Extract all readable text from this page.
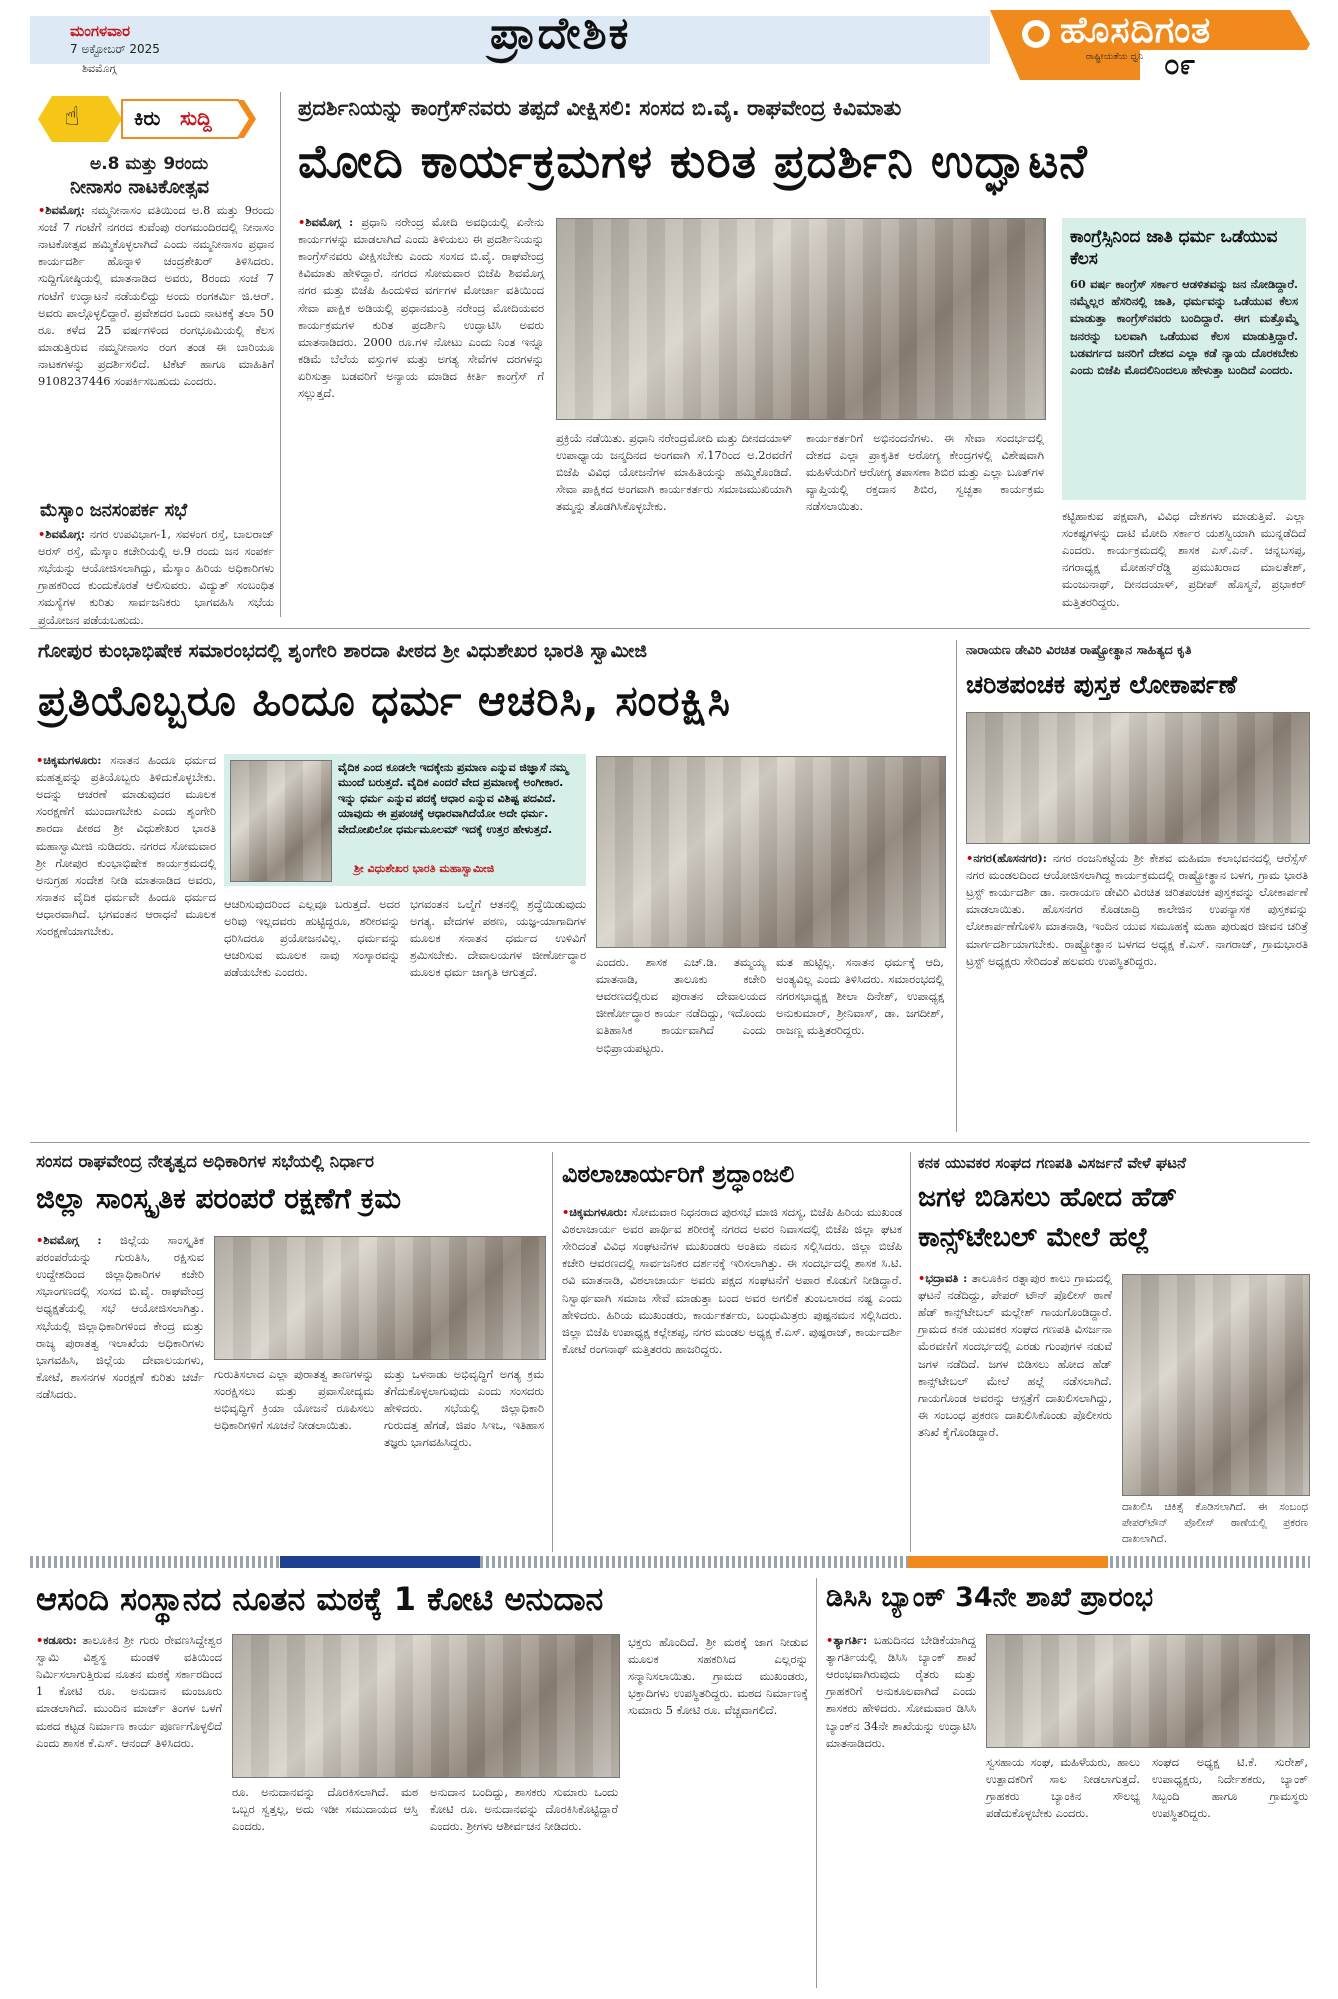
ಮಂಗಳವಾರ
7 ಅಕ್ಟೋಬರ್ 2025
ಶಿವಮೊಗ್ಗ
ಪ್ರಾದೇಶಿಕ	ಹೊಸದಿಗಂತ
ರಾಷ್ಟ್ರೀಯತೆಯ ಧ್ವನಿ ೦೯
☝	ಕಿರು ಸುದ್ದಿ
ಅ.8 ಮತ್ತು 9ರಂದು
ನೀನಾಸಂ ನಾಟಕೋತ್ಸವ
•ಶಿವಮೊಗ್ಗ: ನಮ್ಮನೀನಾಸಂ ವತಿಯಿಂದ ಅ.8 ಮತ್ತು 9ರಂದು ಸಂಜೆ 7 ಗಂಟೆಗೆ ನಗರದ ಕುವೆಂಪು ರಂಗಮಂದಿರದಲ್ಲಿ ನೀನಾಸಂ ನಾಟಕೋತ್ಸವ ಹಮ್ಮಿಕೊಳ್ಳಲಾಗಿದೆ ಎಂದು ನಮ್ಮನೀನಾಸಂ ಪ್ರಧಾನ ಕಾರ್ಯದರ್ಶಿ ಹೊನ್ನಾಳಿ ಚಂದ್ರಶೇಖರ್ ತಿಳಿಸಿದರು. ಸುದ್ದಿಗೋಷ್ಠಿಯಲ್ಲಿ ಮಾತನಾಡಿದ ಅವರು, 8ರಂದು ಸಂಜೆ 7 ಗಂಟೆಗೆ ಉದ್ಘಾಟನೆ ನಡೆಯಲಿದ್ದು ಅಂದು ರಂಗಕರ್ಮಿ ಜಿ.ಆರ್. ಅವರು ಪಾಲ್ಗೊಳ್ಳಲಿದ್ದಾರೆ. ಪ್ರವೇಶದರ ಒಂದು ನಾಟಕಕ್ಕೆ ತಲಾ 50 ರೂ. ಕಳೆದ 25 ವರ್ಷಗಳಿಂದ ರಂಗಭೂಮಿಯಲ್ಲಿ ಕೆಲಸ ಮಾಡುತ್ತಿರುವ ನಮ್ಮನೀನಾಸಂ ರಂಗ ತಂಡ ಈ ಬಾರಿಯೂ ನಾಟಕಗಳನ್ನು ಪ್ರದರ್ಶಿಸಲಿದೆ. ಟಿಕೆಟ್ ಹಾಗೂ ಮಾಹಿತಿಗೆ 9108237446 ಸಂಪರ್ಕಿಸಬಹುದು ಎಂದರು.
ಮೆಸ್ಕಾಂ ಜನಸಂಪರ್ಕ ಸಭೆ
•ಶಿವಮೊಗ್ಗ: ನಗರ ಉಪವಿಭಾಗ-1, ಸವಳಂಗ ರಸ್ತೆ, ಬಾಲರಾಜ್ ಅರಸ್ ರಸ್ತೆ, ಮೆಸ್ಕಾಂ ಕಚೇರಿಯಲ್ಲಿ ಅ.9 ರಂದು ಜನ ಸಂಪರ್ಕ ಸಭೆಯನ್ನು ಆಯೋಜಿಸಲಾಗಿದ್ದು, ಮೆಸ್ಕಾಂ ಹಿರಿಯ ಅಧಿಕಾರಿಗಳು ಗ್ರಾಹಕರಿಂದ ಕುಂದುಕೊರತೆ ಆಲಿಸುವರು. ವಿದ್ಯುತ್ ಸಂಬಂಧಿತ ಸಮಸ್ಯೆಗಳ ಕುರಿತು ಸಾರ್ವಜನಿಕರು ಭಾಗವಹಿಸಿ ಸಭೆಯ ಪ್ರಯೋಜನ ಪಡೆಯಬಹುದು.
ಪ್ರದರ್ಶಿನಿಯನ್ನು ಕಾಂಗ್ರೆಸ್‌ನವರು ತಪ್ಪದೆ ವೀಕ್ಷಿಸಲಿ: ಸಂಸದ ಬಿ.ವೈ. ರಾಘವೇಂದ್ರ ಕಿವಿಮಾತು
ಮೋದಿ ಕಾರ್ಯಕ್ರಮಗಳ ಕುರಿತ ಪ್ರದರ್ಶಿನಿ ಉದ್ಘಾಟನೆ
•ಶಿವಮೊಗ್ಗ : ಪ್ರಧಾನಿ ನರೇಂದ್ರ ಮೋದಿ ಅವಧಿಯಲ್ಲಿ ಏನೇನು ಕಾರ್ಯಗಳನ್ನು ಮಾಡಲಾಗಿದೆ ಎಂದು ತಿಳಿಯಲು ಈ ಪ್ರದರ್ಶಿನಿಯನ್ನು ಕಾಂಗ್ರೆಸ್‌ನವರು ವೀಕ್ಷಿಸಬೇಕು ಎಂದು ಸಂಸದ ಬಿ.ವೈ. ರಾಘವೇಂದ್ರ ಕಿವಿಮಾತು ಹೇಳಿದ್ದಾರೆ. ನಗರದ ಸೋಮವಾರ ಬಿಜೆಪಿ ಶಿವಮೊಗ್ಗ ನಗರ ಮತ್ತು ಬಿಜೆಪಿ ಹಿಂದುಳಿದ ವರ್ಗಗಳ ಮೋರ್ಚಾ ವತಿಯಿಂದ ಸೇವಾ ಪಾಕ್ಷಿಕ ಅಡಿಯಲ್ಲಿ ಪ್ರಧಾನಮಂತ್ರಿ ನರೇಂದ್ರ ಮೋದಿಯವರ ಕಾರ್ಯಕ್ರಮಗಳ ಕುರಿತ ಪ್ರದರ್ಶಿನಿ ಉದ್ಘಾಟಿಸಿ ಅವರು ಮಾತನಾಡಿದರು. 2000 ರೂ.ಗಳ ನೋಟು ಎಂದು ನಿಂತ ಇನ್ನೂ ಕಡಿಮೆ ಬೆಲೆಯ ವಸ್ತುಗಳ ಮತ್ತು ಅಗತ್ಯ ಸೇವೆಗಳ ದರಗಳನ್ನು ಏರಿಸುತ್ತಾ ಬಡವರಿಗೆ ಅನ್ಯಾಯ ಮಾಡಿದ ಕೀರ್ತಿ ಕಾಂಗ್ರೆಸ್ ಗೆ ಸಲ್ಲುತ್ತದೆ.
ಪ್ರಕ್ರಿಯೆ ನಡೆಯಿತು. ಪ್ರಧಾನಿ ನರೇಂದ್ರಮೋದಿ ಮತ್ತು ದೀನದಯಾಳ್ ಉಪಾಧ್ಯಾಯ ಜನ್ಮದಿನದ ಅಂಗವಾಗಿ ಸೆ.17ರಿಂದ ಅ.2ರವರೆಗೆ ಬಿಜೆಪಿ ವಿವಿಧ ಯೋಜನೆಗಳ ಮಾಹಿತಿಯನ್ನು ಹಮ್ಮಿಕೊಂಡಿದೆ. ಸೇವಾ ಪಾಕ್ಷಿಕದ ಅಂಗವಾಗಿ ಕಾರ್ಯಕರ್ತರು ಸಮಾಜಮುಖಿಯಾಗಿ ತಮ್ಮನ್ನು ತೊಡಗಿಸಿಕೊಳ್ಳಬೇಕು.
ಕಾರ್ಯಕರ್ತರಿಗೆ ಅಭಿನಂದನೆಗಳು. ಈ ಸೇವಾ ಸಂದರ್ಭದಲ್ಲಿ ದೇಶದ ಎಲ್ಲಾ ಪ್ರಾಕೃತಿಕ ಅರೋಗ್ಯ ಕೇಂದ್ರಗಳಲ್ಲಿ ವಿಶೇಷವಾಗಿ ಮಹಿಳೆಯರಿಗೆ ಆರೋಗ್ಯ ತಪಾಸಣಾ ಶಿಬಿರ ಮತ್ತು ಎಲ್ಲಾ ಬೂತ್‌ಗಳ ವ್ಯಾಪ್ತಿಯಲ್ಲಿ ರಕ್ತದಾನ ಶಿಬಿರ, ಸ್ವಚ್ಛತಾ ಕಾರ್ಯಕ್ರಮ ನಡೆಸಲಾಯಿತು.
ಕಾಂಗ್ರೆಸ್ಸಿನಿಂದ ಜಾತಿ ಧರ್ಮ ಒಡೆಯುವ ಕೆಲಸ
60 ವರ್ಷ ಕಾಂಗ್ರೆಸ್ ಸರ್ಕಾರ ಆಡಳಿತವನ್ನು ಜನ ನೋಡಿದ್ದಾರೆ. ನಮ್ಮೆಲ್ಲರ ಹೆಸರಿನಲ್ಲಿ ಜಾತಿ, ಧರ್ಮವನ್ನು ಒಡೆಯುವ ಕೆಲಸ ಮಾಡುತ್ತಾ ಕಾಂಗ್ರೆಸ್‌ನವರು ಬಂದಿದ್ದಾರೆ. ಈಗ ಮತ್ತೊಮ್ಮೆ ಜನರನ್ನು ಬಲವಾಗಿ ಒಡೆಯುವ ಕೆಲಸ ಮಾಡುತ್ತಿದ್ದಾರೆ. ಬಡವರ್ಗದ ಜನರಿಗೆ ದೇಶದ ಎಲ್ಲಾ ಕಡೆ ನ್ಯಾಯ ದೊರಕಬೇಕು ಎಂದು ಬಿಜೆಪಿ ಮೊದಲಿನಿಂದಲೂ ಹೇಳುತ್ತಾ ಬಂದಿದೆ ಎಂದರು.
ಕಟ್ಟಿಹಾಕುವ ಪಕ್ಷವಾಗಿ, ವಿವಿಧ ದೇಶಗಳು ಮಾಡುತ್ತಿವೆ. ಎಲ್ಲಾ ಸಂಕಷ್ಟಗಳನ್ನು ದಾಟಿ ಮೋದಿ ಸರ್ಕಾರ ಯಶಸ್ವಿಯಾಗಿ ಮುನ್ನಡೆದಿದೆ ಎಂದರು. ಕಾರ್ಯಕ್ರಮದಲ್ಲಿ ಶಾಸಕ ಎಸ್.ಎನ್. ಚನ್ನಬಸಪ್ಪ, ನಗರಾಧ್ಯಕ್ಷ ಮೋಹನ್‌ರೆಡ್ಡಿ ಪ್ರಮುಖರಾದ ಮಾಲತೇಶ್, ಮಂಜುನಾಥ್, ದೀನದಯಾಳ್, ಪ್ರದೀಪ್ ಹೊಸ್ಮನೆ, ಪ್ರಭಾಕರ್ ಮತ್ತಿತರರಿದ್ದರು.
ಗೋಪುರ ಕುಂಭಾಭಿಷೇಕ ಸಮಾರಂಭದಲ್ಲಿ ಶೃಂಗೇರಿ ಶಾರದಾ ಪೀಠದ ಶ್ರೀ ವಿಧುಶೇಖರ ಭಾರತಿ ಸ್ವಾಮೀಜಿ
ಪ್ರತಿಯೊಬ್ಬರೂ ಹಿಂದೂ ಧರ್ಮ ಆಚರಿಸಿ, ಸಂರಕ್ಷಿಸಿ
•ಚಿಕ್ಕಮಗಳೂರು: ಸನಾತನ ಹಿಂದೂ ಧರ್ಮದ ಮಹತ್ವವನ್ನು ಪ್ರತಿಯೊಬ್ಬರು ತಿಳಿದುಕೊಳ್ಳಬೇಕು. ಅದನ್ನು ಆಚರಣೆ ಮಾಡುವುದರ ಮೂಲಕ ಸಂರಕ್ಷಣೆಗೆ ಮುಂದಾಗಬೇಕು ಎಂದು ಶೃಂಗೇರಿ ಶಾರದಾ ಪೀಠದ ಶ್ರೀ ವಿಧುಶೇಖರ ಭಾರತಿ ಮಹಾಸ್ವಾಮೀಜಿ ನುಡಿದರು. ನಗರದ ಸೋಮವಾರ ಶ್ರೀ ಗೋಪುರ ಕುಂಭಾಭಿಷೇಕ ಕಾರ್ಯಕ್ರಮದಲ್ಲಿ ಅನುಗ್ರಹ ಸಂದೇಶ ನೀಡಿ ಮಾತನಾಡಿದ ಅವರು, ಸನಾತನ ವೈದಿಕ ಧರ್ಮವೇ ಹಿಂದೂ ಧರ್ಮದ ಆಧಾರವಾಗಿದೆ. ಭಗವಂತನ ಆರಾಧನೆ ಮೂಲಕ ಸಂರಕ್ಷಣೆಯಾಗಬೇಕು.
ವೈದಿಕ ಎಂದ ಕೂಡಲೇ ಇದಕ್ಕೇನು ಪ್ರಮಾಣ ಎನ್ನುವ ಜಿಜ್ಞಾಸೆ ನಮ್ಮ ಮುಂದೆ ಬರುತ್ತದೆ. ವೈದಿಕ ಎಂದರೆ ವೇದ ಪ್ರಮಾಣಕ್ಕೆ ಅಂಗೀಕಾರ. ಇನ್ನು ಧರ್ಮ ಎನ್ನುವ ಪದಕ್ಕೆ ಆಧಾರ ಎನ್ನುವ ವಿಶಿಷ್ಟ ಪದವಿದೆ. ಯಾವುದು ಈ ಪ್ರಪಂಚಕ್ಕೆ ಆಧಾರವಾಗಿದೆಯೋ ಅದೇ ಧರ್ಮ. ವೇದೋಖಿಲೋ ಧರ್ಮಮೂಲಮ್ ಇದಕ್ಕೆ ಉತ್ತರ ಹೇಳುತ್ತದೆ.
ಶ್ರೀ ವಿಧುಶೇಖರ ಭಾರತಿ ಮಹಾಸ್ವಾಮೀಜಿ
ಆಚರಿಸುವುದರಿಂದ ಎಲ್ಲವೂ ಬರುತ್ತದೆ. ಅದರ ಅರಿವು ಇಲ್ಲದವರು ಹುಟ್ಟಿದ್ದರೂ, ಶರೀರವನ್ನು ಧರಿಸಿದರೂ ಪ್ರಯೋಜನವಿಲ್ಲ. ಧರ್ಮವನ್ನು ಆಚರಿಸುವ ಮೂಲಕ ನಾವು ಸಂಸ್ಕಾರವನ್ನು ಪಡೆಯಬೇಕು ಎಂದರು.
ಭಗವಂತನ ಒಲ್ಮೆಗೆ ಆತನಲ್ಲಿ ಶ್ರದ್ಧೆಯಿಡುವುದು ಅಗತ್ಯ. ವೇದಗಳ ಪಠಣ, ಯಜ್ಞ-ಯಾಗಾದಿಗಳ ಮೂಲಕ ಸನಾತನ ಧರ್ಮದ ಉಳಿವಿಗೆ ಶ್ರಮಿಸಬೇಕು. ದೇವಾಲಯಗಳ ಜೀರ್ಣೋದ್ಧಾರ ಮೂಲಕ ಧರ್ಮ ಜಾಗೃತಿ ಆಗುತ್ತದೆ.
ಎಂದರು. ಶಾಸಕ ಎಚ್.ಡಿ. ತಮ್ಮಯ್ಯ ಮಾತನಾಡಿ, ತಾಲೂಕು ಕಚೇರಿ ಆವರಣದಲ್ಲಿರುವ ಪುರಾತನ ದೇವಾಲಯದ ಜೀರ್ಣೋದ್ಧಾರ ಕಾರ್ಯ ನಡೆದಿದ್ದು, ಇದೊಂದು ಐತಿಹಾಸಿಕ ಕಾರ್ಯವಾಗಿದೆ ಎಂದು ಅಭಿಪ್ರಾಯಪಟ್ಟರು.
ಮತ ಹುಟ್ಟಿಲ್ಲ. ಸನಾತನ ಧರ್ಮಕ್ಕೆ ಆದಿ, ಅಂತ್ಯವಿಲ್ಲ ಎಂದು ತಿಳಿಸಿದರು. ಸಮಾರಂಭದಲ್ಲಿ ನಗರಸಭಾಧ್ಯಕ್ಷ ಶೀಲಾ ದಿನೇಶ್, ಉಪಾಧ್ಯಕ್ಷ ಅನುಕುಮಾರ್, ಶ್ರೀನಿವಾಸ್, ಡಾ. ಜಗದೀಶ್, ರಾಜಣ್ಣ ಮತ್ತಿತರರಿದ್ದರು.
ನಾರಾಯಣ ಡೇವಿರಿ ವಿರಚಿತ ರಾಷ್ಟ್ರೋತ್ಥಾನ ಸಾಹಿತ್ಯದ ಕೃತಿ
ಚರಿತಪಂಚಕ ಪುಸ್ತಕ ಲೋಕಾರ್ಪಣೆ
•ನಗರ(ಹೊಸನಗರ): ನಗರ ರಂಜನಿಕಟ್ಟೆಯ ಶ್ರೀ ಕೇಶವ ಮಹಿಮಾ ಕಲಾಭವನದಲ್ಲಿ ಆರೆಸ್ಸೆಸ್ ನಗರ ಮಂಡಲದಿಂದ ಆಯೋಜಿಸಲಾಗಿದ್ದ ಕಾರ್ಯಕ್ರಮದಲ್ಲಿ ರಾಷ್ಟ್ರೋತ್ಥಾನ ಬಳಗ, ಗ್ರಾಮ ಭಾರತಿ ಟ್ರಸ್ಟ್ ಕಾರ್ಯದರ್ಶಿ ಡಾ. ನಾರಾಯಣ ಡೇವಿರಿ ವಿರಚಿತ ಚರಿತಪಂಚಕ ಪುಸ್ತಕವನ್ನು ಲೋಕಾರ್ಪಣೆ ಮಾಡಲಾಯಿತು. ಹೊಸನಗರ ಕೊಡಚಾದ್ರಿ ಕಾಲೇಜಿನ ಉಪನ್ಯಾಸಕ ಪುಸ್ತಕವನ್ನು ಲೋಕಾರ್ಪಣೆಗೊಳಿಸಿ ಮಾತನಾಡಿ, ಇಂದಿನ ಯುವ ಸಮೂಹಕ್ಕೆ ಮಹಾ ಪುರುಷರ ಜೀವನ ಚರಿತ್ರೆ ಮಾರ್ಗದರ್ಶಿಯಾಗಬೇಕು. ರಾಷ್ಟ್ರೋತ್ಥಾನ ಬಳಗದ ಅಧ್ಯಕ್ಷ ಕೆ.ಎಸ್. ನಾಗರಾಜ್, ಗ್ರಾಮಭಾರತಿ ಟ್ರಸ್ಟ್ ಅಧ್ಯಕ್ಷರು ಸೇರಿದಂತೆ ಹಲವರು ಉಪಸ್ಥಿತರಿದ್ದರು.
ಸಂಸದ ರಾಘವೇಂದ್ರ ನೇತೃತ್ವದ ಅಧಿಕಾರಿಗಳ ಸಭೆಯಲ್ಲಿ ನಿರ್ಧಾರ
ಜಿಲ್ಲಾ ಸಾಂಸ್ಕೃತಿಕ ಪರಂಪರೆ ರಕ್ಷಣೆಗೆ ಕ್ರಮ
•ಶಿವಮೊಗ್ಗ : ಜಿಲ್ಲೆಯ ಸಾಂಸ್ಕೃತಿಕ ಪರಂಪರೆಯನ್ನು ಗುರುತಿಸಿ, ರಕ್ಷಿಸುವ ಉದ್ದೇಶದಿಂದ ಜಿಲ್ಲಾಧಿಕಾರಿಗಳ ಕಚೇರಿ ಸಭಾಂಗಣದಲ್ಲಿ ಸಂಸದ ಬಿ.ವೈ. ರಾಘವೇಂದ್ರ ಅಧ್ಯಕ್ಷತೆಯಲ್ಲಿ ಸಭೆ ಆಯೋಜಿಸಲಾಗಿತ್ತು. ಸಭೆಯಲ್ಲಿ ಜಿಲ್ಲಾಧಿಕಾರಿಗಳಿಂದ ಕೇಂದ್ರ ಮತ್ತು ರಾಜ್ಯ ಪುರಾತತ್ವ ಇಲಾಖೆಯ ಅಧಿಕಾರಿಗಳು ಭಾಗವಹಿಸಿ, ಜಿಲ್ಲೆಯ ದೇವಾಲಯಗಳು, ಕೋಟೆ, ಶಾಸನಗಳ ಸಂರಕ್ಷಣೆ ಕುರಿತು ಚರ್ಚೆ ನಡೆಸಿದರು.
ಗುರುತಿಸಲಾದ ಎಲ್ಲಾ ಪುರಾತತ್ವ ತಾಣಗಳನ್ನು ಸಂರಕ್ಷಿಸಲು ಮತ್ತು ಪ್ರವಾಸೋದ್ಯಮ ಅಭಿವೃದ್ಧಿಗೆ ಕ್ರಿಯಾ ಯೋಜನೆ ರೂಪಿಸಲು ಅಧಿಕಾರಿಗಳಿಗೆ ಸೂಚನೆ ನೀಡಲಾಯಿತು.
ಮತ್ತು ಒಳನಾಡು ಅಭಿವೃದ್ಧಿಗೆ ಅಗತ್ಯ ಕ್ರಮ ತೆಗೆದುಕೊಳ್ಳಲಾಗುವುದು ಎಂದು ಸಂಸದರು ಹೇಳಿದರು. ಸಭೆಯಲ್ಲಿ ಜಿಲ್ಲಾಧಿಕಾರಿ ಗುರುದತ್ತ ಹೆಗಡೆ, ಜಿಪಂ ಸಿಇಒ, ಇತಿಹಾಸ ತಜ್ಞರು ಭಾಗವಹಿಸಿದ್ದರು.
ವಿಠಲಾಚಾರ್ಯರಿಗೆ ಶ್ರದ್ಧಾಂಜಲಿ
•ಚಿಕ್ಕಮಗಳೂರು: ಸೋಮವಾರ ನಿಧನರಾದ ಪುರಸಭೆ ಮಾಜಿ ಸದಸ್ಯ, ಬಿಜೆಪಿ ಹಿರಿಯ ಮುಖಂಡ ವಿಠಲಾಚಾರ್ಯ ಅವರ ಪಾರ್ಥಿವ ಶರೀರಕ್ಕೆ ನಗರದ ಅವರ ನಿವಾಸದಲ್ಲಿ ಬಿಜೆಪಿ ಜಿಲ್ಲಾ ಘಟಕ ಸೇರಿದಂತೆ ವಿವಿಧ ಸಂಘಟನೆಗಳ ಮುಖಂಡರು ಅಂತಿಮ ನಮನ ಸಲ್ಲಿಸಿದರು. ಜಿಲ್ಲಾ ಬಿಜೆಪಿ ಕಚೇರಿ ಆವರಣದಲ್ಲಿ ಸಾರ್ವಜನಿಕರ ದರ್ಶನಕ್ಕೆ ಇರಿಸಲಾಗಿತ್ತು. ಈ ಸಂದರ್ಭದಲ್ಲಿ ಶಾಸಕ ಸಿ.ಟಿ. ರವಿ ಮಾತನಾಡಿ, ವಿಠಲಾಚಾರ್ಯ ಅವರು ಪಕ್ಷದ ಸಂಘಟನೆಗೆ ಅಪಾರ ಕೊಡುಗೆ ನೀಡಿದ್ದಾರೆ. ನಿಸ್ವಾರ್ಥವಾಗಿ ಸಮಾಜ ಸೇವೆ ಮಾಡುತ್ತಾ ಬಂದ ಅವರ ಅಗಲಿಕೆ ತುಂಬಲಾರದ ನಷ್ಟ ಎಂದು ಹೇಳಿದರು. ಹಿರಿಯ ಮುಖಂಡರು, ಕಾರ್ಯಕರ್ತರು, ಬಂಧುಮಿತ್ರರು ಪುಷ್ಪನಮನ ಸಲ್ಲಿಸಿದರು. ಜಿಲ್ಲಾ ಬಿಜೆಪಿ ಉಪಾಧ್ಯಕ್ಷ ಕಲ್ಲೇಶಪ್ಪ, ನಗರ ಮಂಡಲ ಅಧ್ಯಕ್ಷ ಕೆ.ಎಸ್. ಪುಷ್ಪರಾಜ್, ಕಾರ್ಯದರ್ಶಿ ಕೋಟೆ ರಂಗನಾಥ್ ಮತ್ತಿತರರು ಹಾಜರಿದ್ದರು.
ಕನಕ ಯುವಕರ ಸಂಘದ ಗಣಪತಿ ವಿಸರ್ಜನೆ ವೇಳೆ ಘಟನೆ
ಜಗಳ ಬಿಡಿಸಲು ಹೋದ ಹೆಡ್
ಕಾನ್ಸ್‌ಟೇಬಲ್ ಮೇಲೆ ಹಲ್ಲೆ
•ಭದ್ರಾವತಿ : ತಾಲೂಕಿನ ರತ್ನಾಪುರ ಕಾಲು ಗ್ರಾಮದಲ್ಲಿ ಘಟನೆ ನಡೆದಿದ್ದು, ಪೇಪರ್ ಟೌನ್ ಪೊಲೀಸ್ ಠಾಣೆ ಹೆಡ್ ಕಾನ್ಸ್‌ಟೇಬಲ್ ಮಲ್ಲೇಶ್ ಗಾಯಗೊಂಡಿದ್ದಾರೆ. ಗ್ರಾಮದ ಕನಕ ಯುವಕರ ಸಂಘದ ಗಣಪತಿ ವಿಸರ್ಜನಾ ಮೆರವಣಿಗೆ ಸಂದರ್ಭದಲ್ಲಿ ಎರಡು ಗುಂಪುಗಳ ನಡುವೆ ಜಗಳ ನಡೆದಿದೆ. ಜಗಳ ಬಿಡಿಸಲು ಹೋದ ಹೆಡ್ ಕಾನ್ಸ್‌ಟೇಬಲ್ ಮೇಲೆ ಹಲ್ಲೆ ನಡೆಸಲಾಗಿದೆ. ಗಾಯಗೊಂಡ ಅವರನ್ನು ಆಸ್ಪತ್ರೆಗೆ ದಾಖಲಿಸಲಾಗಿದ್ದು, ಈ ಸಂಬಂಧ ಪ್ರಕರಣ ದಾಖಲಿಸಿಕೊಂಡು ಪೊಲೀಸರು ತನಿಖೆ ಕೈಗೊಂಡಿದ್ದಾರೆ.
ದಾಖಲಿಸಿ ಚಿಕಿತ್ಸೆ ಕೊಡಿಸಲಾಗಿದೆ. ಈ ಸಂಬಂಧ ಪೇಪರ್‌ಟೌನ್ ಪೊಲೀಸ್ ಠಾಣೆಯಲ್ಲಿ ಪ್ರಕರಣ ದಾಖಲಾಗಿದೆ.
ಆಸಂದಿ ಸಂಸ್ಥಾನದ ನೂತನ ಮಠಕ್ಕೆ 1 ಕೋಟಿ ಅನುದಾನ
•ಕಡೂರು: ತಾಲೂಕಿನ ಶ್ರೀ ಗುರು ರೇವಣಸಿದ್ದೇಶ್ವರ ಸ್ವಾಮಿ ವಿಶ್ವಸ್ಥ ಮಂಡಳಿ ವತಿಯಿಂದ ನಿರ್ಮಿಸಲಾಗುತ್ತಿರುವ ನೂತನ ಮಠಕ್ಕೆ ಸರ್ಕಾರದಿಂದ 1 ಕೋಟಿ ರೂ. ಅನುದಾನ ಮಂಜೂರು ಮಾಡಲಾಗಿದೆ. ಮುಂದಿನ ಮಾರ್ಚ್ ತಿಂಗಳ ಒಳಗೆ ಮಠದ ಕಟ್ಟಡ ನಿರ್ಮಾಣ ಕಾರ್ಯ ಪೂರ್ಣಗೊಳ್ಳಲಿದೆ ಎಂದು ಶಾಸಕ ಕೆ.ಎಸ್. ಆನಂದ್ ತಿಳಿಸಿದರು.
ರೂ. ಅನುದಾನವನ್ನು ದೊರಕಿಸಲಾಗಿದೆ. ಮಠ ಒಬ್ಬರ ಸ್ವತ್ತಲ್ಲ, ಅದು ಇಡೀ ಸಮುದಾಯದ ಆಸ್ತಿ ಎಂದರು.
ಅನುದಾನ ಬಂದಿದ್ದು, ಶಾಸಕರು ಸುಮಾರು ಒಂದು ಕೋಟಿ ರೂ. ಅನುದಾನವನ್ನು ದೊರಕಿಸಿಕೊಟ್ಟಿದ್ದಾರೆ ಎಂದರು. ಶ್ರೀಗಳು ಆಶೀರ್ವಚನ ನೀಡಿದರು.
ಭಕ್ತರು ಹೊಂದಿದೆ. ಶ್ರೀ ಮಠಕ್ಕೆ ಜಾಗ ನೀಡುವ ಮೂಲಕ ಸಹಕರಿಸಿದ ಎಲ್ಲರನ್ನು ಸನ್ಮಾನಿಸಲಾಯಿತು. ಗ್ರಾಮದ ಮುಖಂಡರು, ಭಕ್ತಾದಿಗಳು ಉಪಸ್ಥಿತರಿದ್ದರು. ಮಠದ ನಿರ್ಮಾಣಕ್ಕೆ ಸುಮಾರು 5 ಕೋಟಿ ರೂ. ವೆಚ್ಚವಾಗಲಿದೆ.
ಡಿಸಿಸಿ ಬ್ಯಾಂಕ್ 34ನೇ ಶಾಖೆ ಪ್ರಾರಂಭ
•ತ್ಯಾಗರ್ತಿ: ಬಹುದಿನದ ಬೇಡಿಕೆಯಾಗಿದ್ದ ತ್ಯಾಗರ್ತಿಯಲ್ಲಿ ಡಿಸಿಸಿ ಬ್ಯಾಂಕ್ ಶಾಖೆ ಆರಂಭವಾಗಿರುವುದು ರೈತರು ಮತ್ತು ಗ್ರಾಹಕರಿಗೆ ಅನುಕೂಲವಾಗಿದೆ ಎಂದು ಶಾಸಕರು ಹೇಳಿದರು. ಸೋಮವಾರ ಡಿಸಿಸಿ ಬ್ಯಾಂಕ್‌ನ 34ನೇ ಶಾಖೆಯನ್ನು ಉದ್ಘಾಟಿಸಿ ಮಾತನಾಡಿದರು.
ಸ್ವಸಹಾಯ ಸಂಘ, ಮಹಿಳೆಯರು, ಹಾಲು ಉತ್ಪಾದಕರಿಗೆ ಸಾಲ ನೀಡಲಾಗುತ್ತದೆ. ಗ್ರಾಹಕರು ಬ್ಯಾಂಕಿನ ಸೌಲಭ್ಯ ಪಡೆದುಕೊಳ್ಳಬೇಕು ಎಂದರು.
ಸಂಘದ ಅಧ್ಯಕ್ಷ ಟಿ.ಕೆ. ಸುರೇಶ್, ಉಪಾಧ್ಯಕ್ಷರು, ನಿರ್ದೇಶಕರು, ಬ್ಯಾಂಕ್ ಸಿಬ್ಬಂದಿ ಹಾಗೂ ಗ್ರಾಮಸ್ಥರು ಉಪಸ್ಥಿತರಿದ್ದರು.
